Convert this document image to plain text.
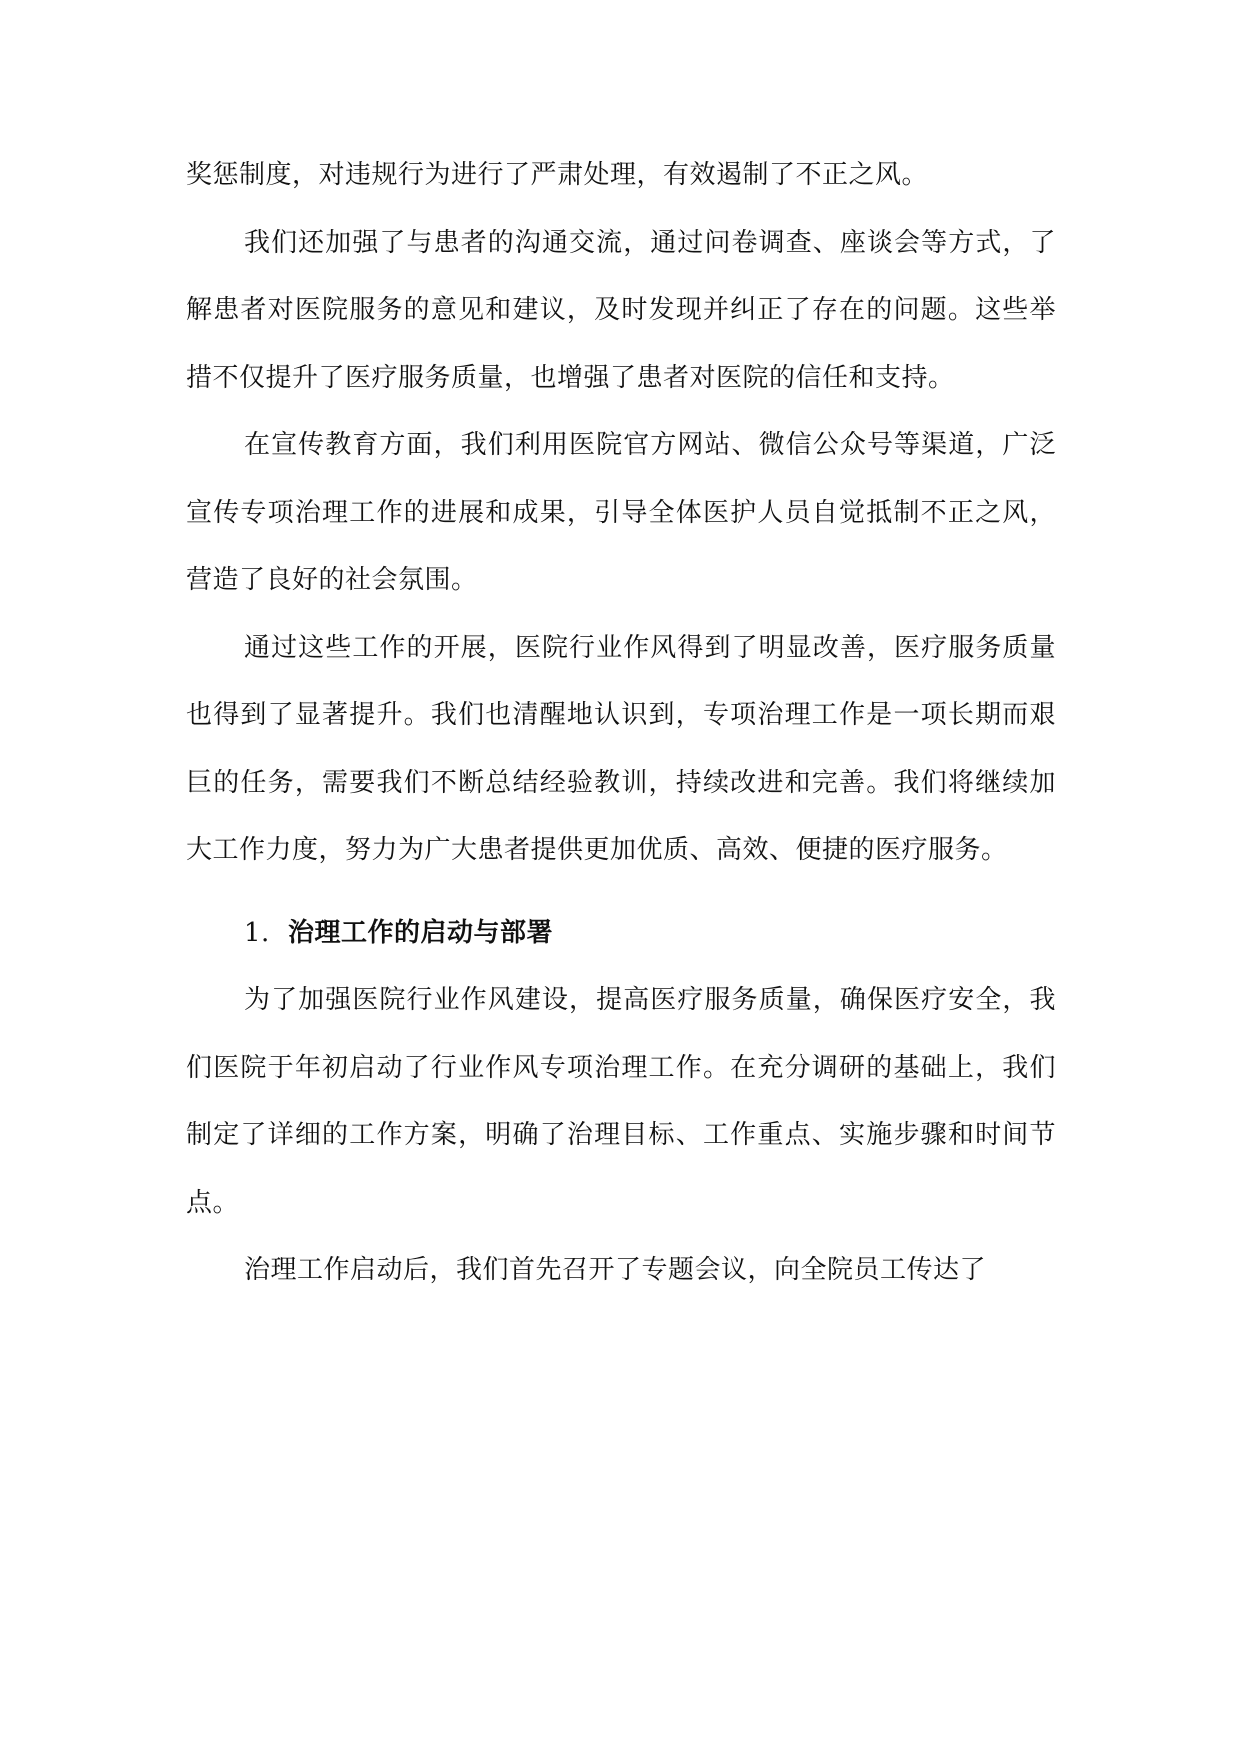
奖惩制度，对违规行为进行了严肃处理，有效遏制了不正之风。

我们还加强了与患者的沟通交流，通过问卷调查、座谈会等方式，了解患者对医院服务的意见和建议，及时发现并纠正了存在的问题。这些举措不仅提升了医疗服务质量，也增强了患者对医院的信任和支持。

在宣传教育方面，我们利用医院官方网站、微信公众号等渠道，广泛宣传专项治理工作的进展和成果，引导全体医护人员自觉抵制不正之风，营造了良好的社会氛围。

通过这些工作的开展，医院行业作风得到了明显改善，医疗服务质量也得到了显著提升。我们也清醒地认识到，专项治理工作是一项长期而艰巨的任务，需要我们不断总结经验教训，持续改进和完善。我们将继续加大工作力度，努力为广大患者提供更加优质、高效、便捷的医疗服务。

1. 治理工作的启动与部署

为了加强医院行业作风建设，提高医疗服务质量，确保医疗安全，我们医院于年初启动了行业作风专项治理工作。在充分调研的基础上，我们制定了详细的工作方案，明确了治理目标、工作重点、实施步骤和时间节点。

治理工作启动后，我们首先召开了专题会议，向全院员工传达了
